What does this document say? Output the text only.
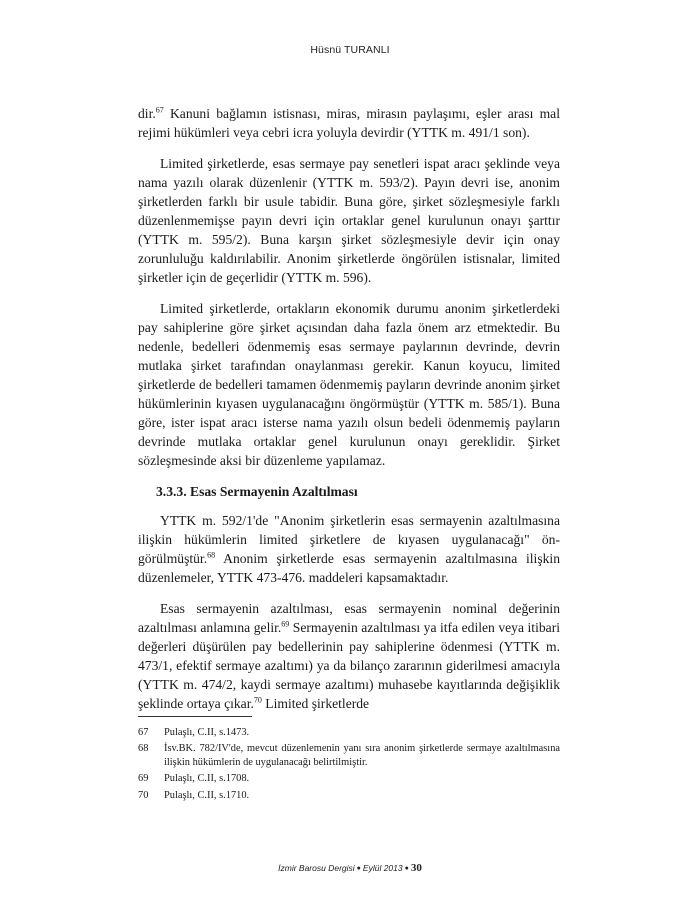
Hüsnü TURANLI

dir.$^{67}$ Kanuni bağlamın istisnası, miras, mirasın paylaşımı, eşler arası mal rejimi hükümleri veya cebri icra yoluyla devirdir (YTTK m. 491/1 son).

Limited şirketlerde, esas sermaye pay senetleri ispat aracı şeklinde veya nama yazılı olarak düzenlenir (YTTK m. 593/2). Payın devri ise, anonim şirketlerden farklı bir usule tabidir. Buna göre, şirket sözleşmesiyle farklı düzenlenmemişse payın devri için ortaklar genel kurulunun onayı şarttır (YTTK m. 595/2). Buna karşın şirket sözleşmesiyle devir için onay zorunluluğu kaldırılabilir. Anonim şirketlerde öngörülen istisnalar, limited şirketler için de geçerlidir (YTTK m. 596).

Limited şirketlerde, ortakların ekonomik durumu anonim şirketlerdeki pay sahiplerine göre şirket açısından daha fazla önem arz etmektedir. Bu nedenle, bedelleri ödenmemiş esas sermaye paylarının devrinde, devrin mutlaka şirket tarafından onaylanması gerekir. Kanun koyucu, limited şirketlerde de bedelleri tamamen ödenmemiş payların devrinde anonim şirket hükümlerinin kıyasen uygulanacağını öngörmüştür (YTTK m. 585/1). Buna göre, ister ispat aracı isterse nama yazılı olsun bedeli ödenmemiş payların devrinde mutlaka ortaklar genel kurulunun onayı gereklidir. Şirket sözleşmesinde aksi bir düzenleme yapılamaz.

3.3.3. Esas Sermayenin Azaltılması

YTTK m. 592/1'de "Anonim şirketlerin esas sermayenin azaltılmasına ilişkin hükümlerin limited şirketlere de kıyasen uygulanacağı" öngörülmüştür.$^{68}$ Anonim şirketlerde esas sermayenin azaltılmasına ilişkin düzenlemeler, YTTK 473-476. maddeleri kapsamaktadır.

Esas sermayenin azaltılması, esas sermayenin nominal değerinin azaltılması anlamına gelir.$^{69}$ Sermayenin azaltılması ya itfa edilen veya itibari değerleri düşürülen pay bedellerinin pay sahiplerine ödenmesi (YTTK m. 473/1, efektif sermaye azaltımı) ya da bilanço zararının giderilmesi amacıyla (YTTK m. 474/2, kaydi sermaye azaltımı) muhasebe kayıtlarında değişiklik şeklinde ortaya çıkar.$^{70}$ Limited şirketlerde

67	Pulaşlı, C.II, s.1473.
68	İsv.BK. 782/IV'de, mevcut düzenlemenin yanı sıra anonim şirketlerde sermaye azaltılmasına ilişkin hükümlerin de uygulanacağı belirtilmiştir.
69	Pulaşlı, C.II, s.1708.
70	Pulaşlı, C.II, s.1710.
İzmir Barosu Dergisi ● Eylül 2013 ● 30
